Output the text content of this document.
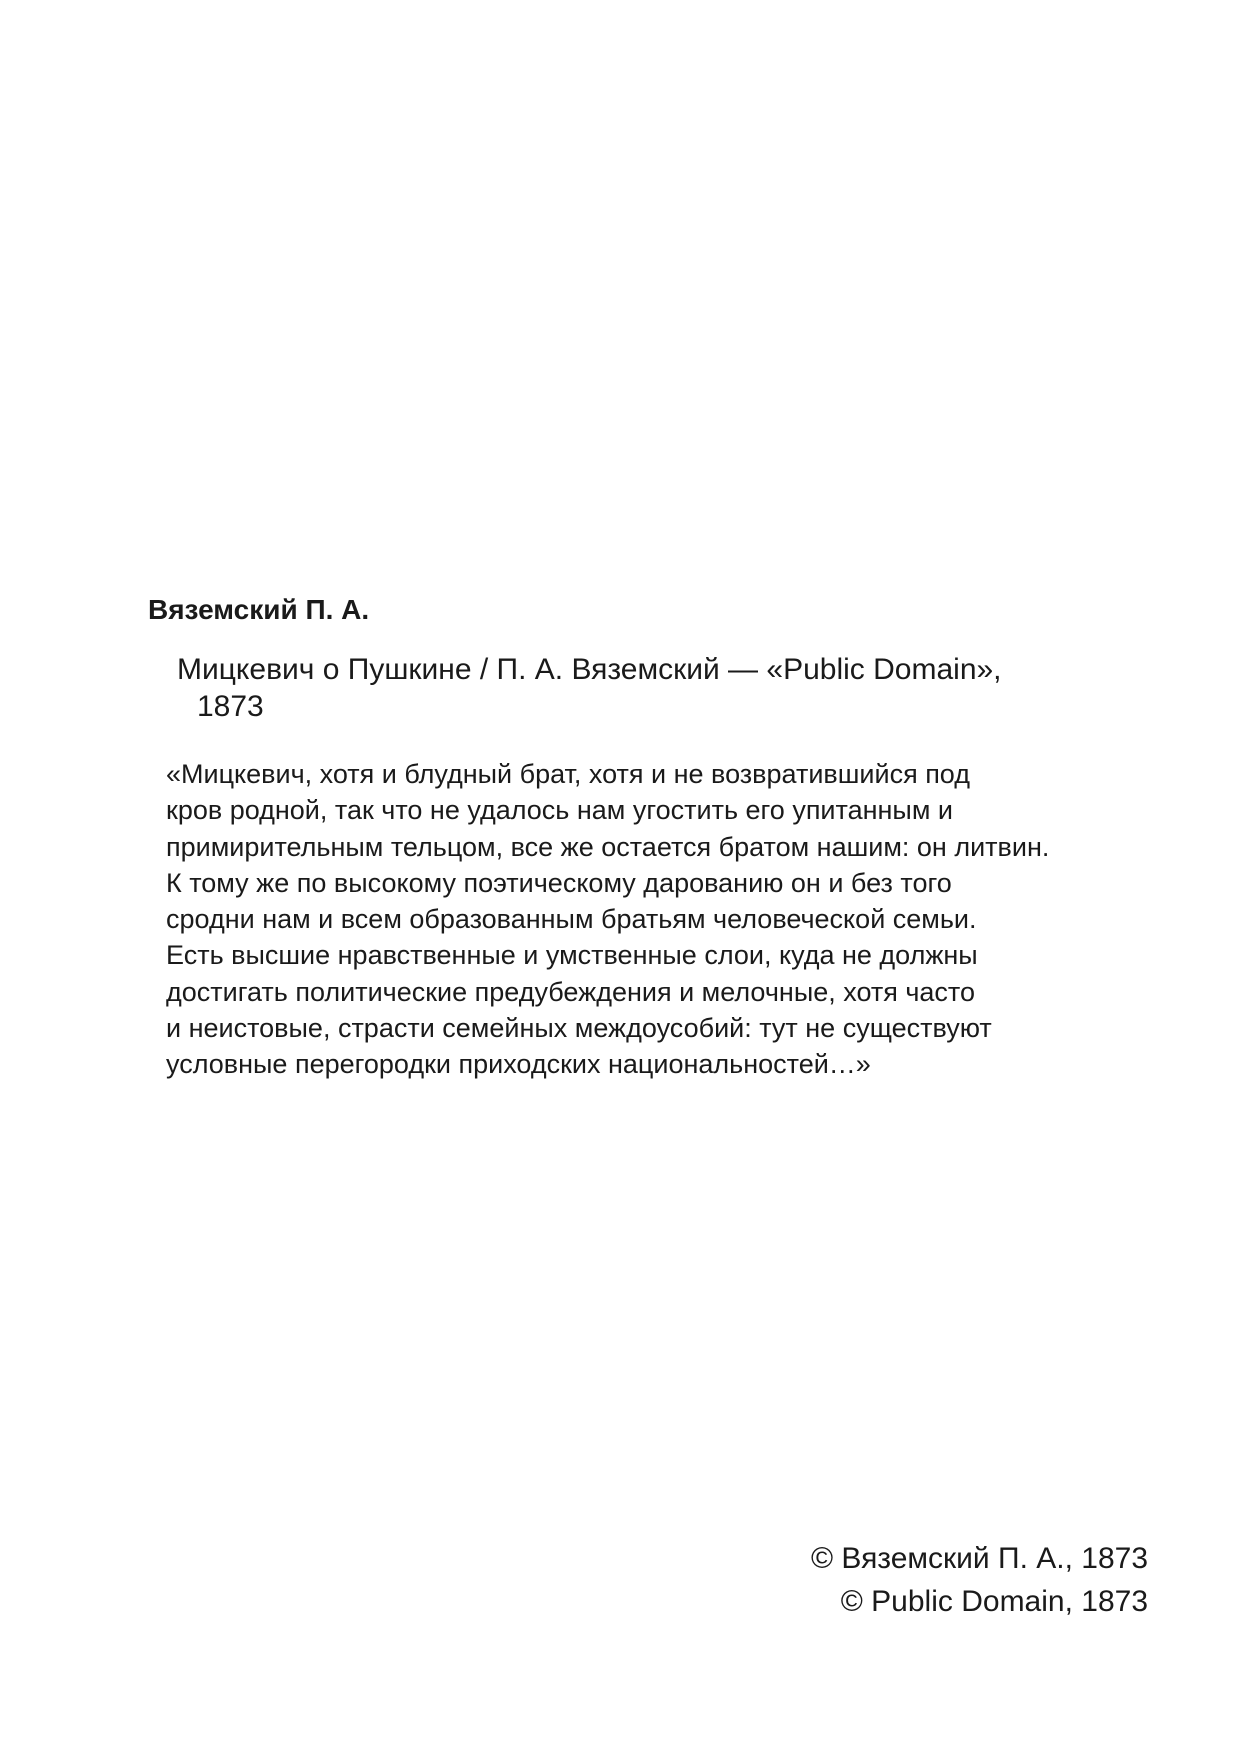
Вяземский П. А.
Мицкевич о Пушкине / П. А. Вяземский — «Public Domain»,
1873
«Мицкевич, хотя и блудный брат, хотя и не возвратившийся под
кров родной, так что не удалось нам угостить его упитанным и
примирительным тельцом, все же остается братом нашим: он литвин.
К тому же по высокому поэтическому дарованию он и без того
сродни нам и всем образованным братьям человеческой семьи.
Есть высшие нравственные и умственные слои, куда не должны
достигать политические предубеждения и мелочные, хотя часто
и неистовые, страсти семейных междоусобий: тут не существуют
условные перегородки приходских национальностей…»
© Вяземский П. А., 1873
© Public Domain, 1873
